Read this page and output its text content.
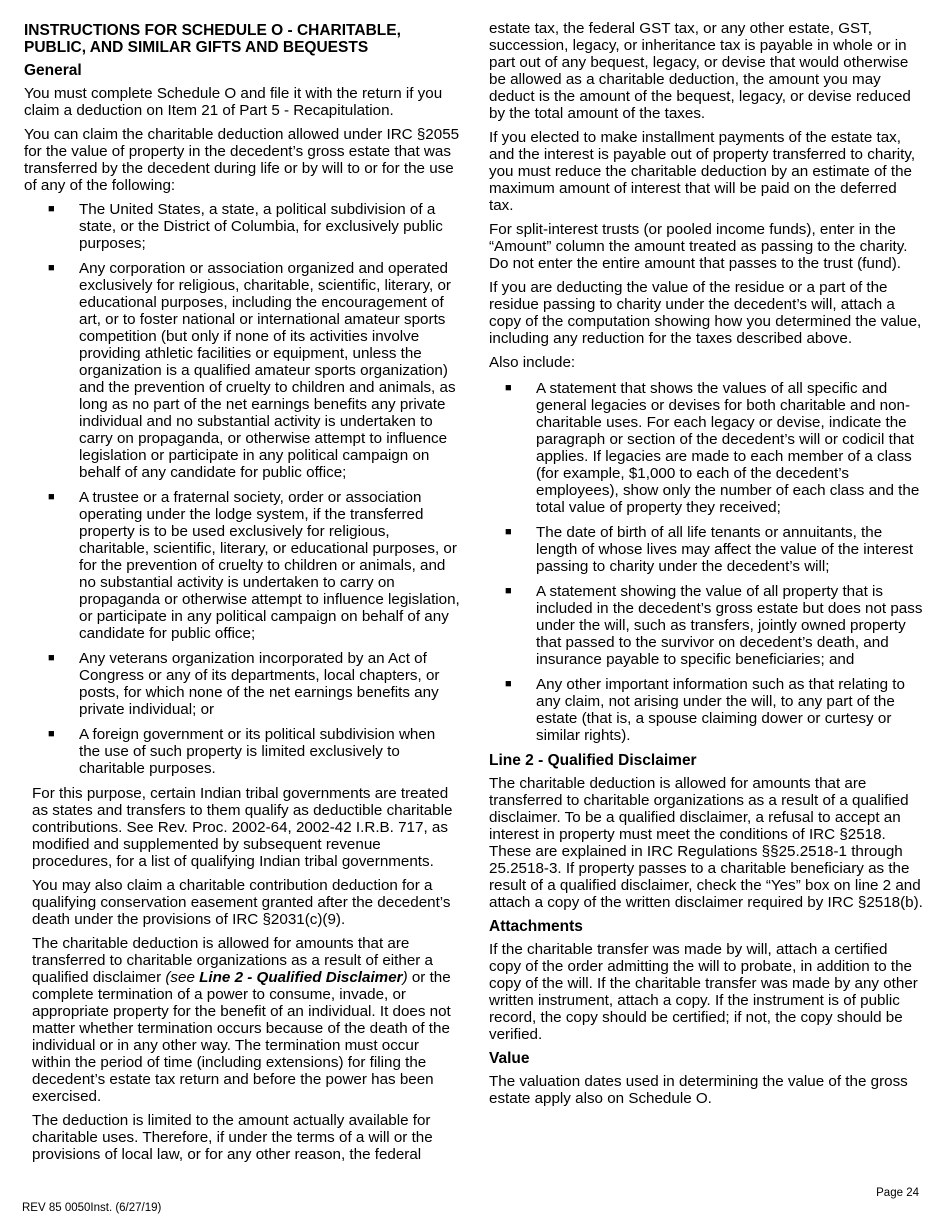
INSTRUCTIONS FOR SCHEDULE O - CHARITABLE, PUBLIC, AND SIMILAR GIFTS AND BEQUESTS
General

You must complete Schedule O and file it with the return if you claim a deduction on Item 21 of Part 5 - Recapitulation.

You can claim the charitable deduction allowed under IRC §2055 for the value of property in the decedent’s gross estate that was transferred by the decedent during life or by will to or for the use of any of the following:

■ The United States, a state, a political subdivision of a state, or the District of Columbia, for exclusively public purposes;
■ Any corporation or association organized and operated exclusively for religious, charitable, scientific, literary, or educational purposes, including the encouragement of art, or to foster national or international amateur sports competition (but only if none of its activities involve providing athletic facilities or equipment, unless the organization is a qualified amateur sports organization) and the prevention of cruelty to children and animals, as long as no part of the net earnings benefits any private individual and no substantial activity is undertaken to carry on propaganda, or otherwise attempt to influence legislation or participate in any political campaign on behalf of any candidate for public office;
■ A trustee or a fraternal society, order or association operating under the lodge system, if the transferred property is to be used exclusively for religious, charitable, scientific, literary, or educational purposes, or for the prevention of cruelty to children or animals, and no substantial activity is undertaken to carry on propaganda or otherwise attempt to influence legislation, or participate in any political campaign on behalf of any candidate for public office;
■ Any veterans organization incorporated by an Act of Congress or any of its departments, local chapters, or posts, for which none of the net earnings benefits any private individual; or
■ A foreign government or its political subdivision when the use of such property is limited exclusively to charitable purposes.

For this purpose, certain Indian tribal governments are treated as states and transfers to them qualify as deductible charitable contributions. See Rev. Proc. 2002-64, 2002-42 I.R.B. 717, as modified and supplemented by subsequent revenue procedures, for a list of qualifying Indian tribal governments.

You may also claim a charitable contribution deduction for a qualifying conservation easement granted after the decedent’s death under the provisions of IRC §2031(c)(9).

The charitable deduction is allowed for amounts that are transferred to charitable organizations as a result of either a qualified disclaimer (see Line 2 - Qualified Disclaimer) or the complete termination of a power to consume, invade, or appropriate property for the benefit of an individual. It does not matter whether termination occurs because of the death of the individual or in any other way. The termination must occur within the period of time (including extensions) for filing the decedent’s estate tax return and before the power has been exercised.

The deduction is limited to the amount actually available for charitable uses. Therefore, if under the terms of a will or the provisions of local law, or for any other reason, the federal

estate tax, the federal GST tax, or any other estate, GST, succession, legacy, or inheritance tax is payable in whole or in part out of any bequest, legacy, or devise that would otherwise be allowed as a charitable deduction, the amount you may deduct is the amount of the bequest, legacy, or devise reduced by the total amount of the taxes.

If you elected to make installment payments of the estate tax, and the interest is payable out of property transferred to charity, you must reduce the charitable deduction by an estimate of the maximum amount of interest that will be paid on the deferred tax.

For split-interest trusts (or pooled income funds), enter in the “Amount” column the amount treated as passing to the charity. Do not enter the entire amount that passes to the trust (fund).

If you are deducting the value of the residue or a part of the residue passing to charity under the decedent’s will, attach a copy of the computation showing how you determined the value, including any reduction for the taxes described above.

Also include:

■ A statement that shows the values of all specific and general legacies or devises for both charitable and non-charitable uses. For each legacy or devise, indicate the paragraph or section of the decedent’s will or codicil that applies. If legacies are made to each member of a class (for example, $1,000 to each of the decedent’s employees), show only the number of each class and the total value of property they received;
■ The date of birth of all life tenants or annuitants, the length of whose lives may affect the value of the interest passing to charity under the decedent’s will;
■ A statement showing the value of all property that is included in the decedent’s gross estate but does not pass under the will, such as transfers, jointly owned property that passed to the survivor on decedent’s death, and insurance payable to specific beneficiaries; and
■ Any other important information such as that relating to any claim, not arising under the will, to any part of the estate (that is, a spouse claiming dower or curtesy or similar rights).
Line 2 - Qualified Disclaimer

The charitable deduction is allowed for amounts that are transferred to charitable organizations as a result of a qualified disclaimer. To be a qualified disclaimer, a refusal to accept an interest in property must meet the conditions of IRC §2518. These are explained in IRC Regulations §§25.2518-1 through 25.2518-3. If property passes to a charitable beneficiary as the result of a qualified disclaimer, check the “Yes” box on line 2 and attach a copy of the written disclaimer required by IRC §2518(b).

Attachments

If the charitable transfer was made by will, attach a certified copy of the order admitting the will to probate, in addition to the copy of the will. If the charitable transfer was made by any other written instrument, attach a copy. If the instrument is of public record, the copy should be certified; if not, the copy should be verified.

Value

The valuation dates used in determining the value of the gross estate apply also on Schedule O.

Page 24
REV 85 0050Inst. (6/27/19)
